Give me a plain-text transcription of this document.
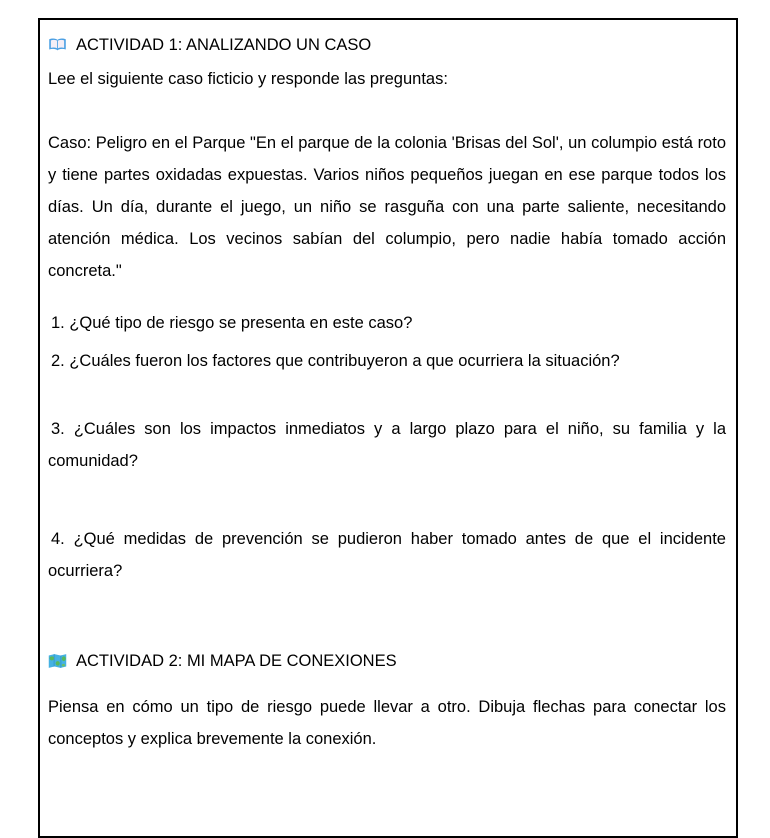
ACTIVIDAD 1: ANALIZANDO UN CASO

Lee el siguiente caso ficticio y responde las preguntas:

Caso: Peligro en el Parque "En el parque de la colonia 'Brisas del Sol', un columpio está roto y tiene partes oxidadas expuestas. Varios niños pequeños juegan en ese parque todos los días. Un día, durante el juego, un niño se rasguña con una parte saliente, necesitando atención médica. Los vecinos sabían del columpio, pero nadie había tomado acción concreta."

1. ¿Qué tipo de riesgo se presenta en este caso?

2. ¿Cuáles fueron los factores que contribuyeron a que ocurriera la situación?

3. ¿Cuáles son los impactos inmediatos y a largo plazo para el niño, su familia y la comunidad?

4. ¿Qué medidas de prevención se pudieron haber tomado antes de que el incidente ocurriera?

ACTIVIDAD 2: MI MAPA DE CONEXIONES

Piensa en cómo un tipo de riesgo puede llevar a otro. Dibuja flechas para conectar los conceptos y explica brevemente la conexión.
